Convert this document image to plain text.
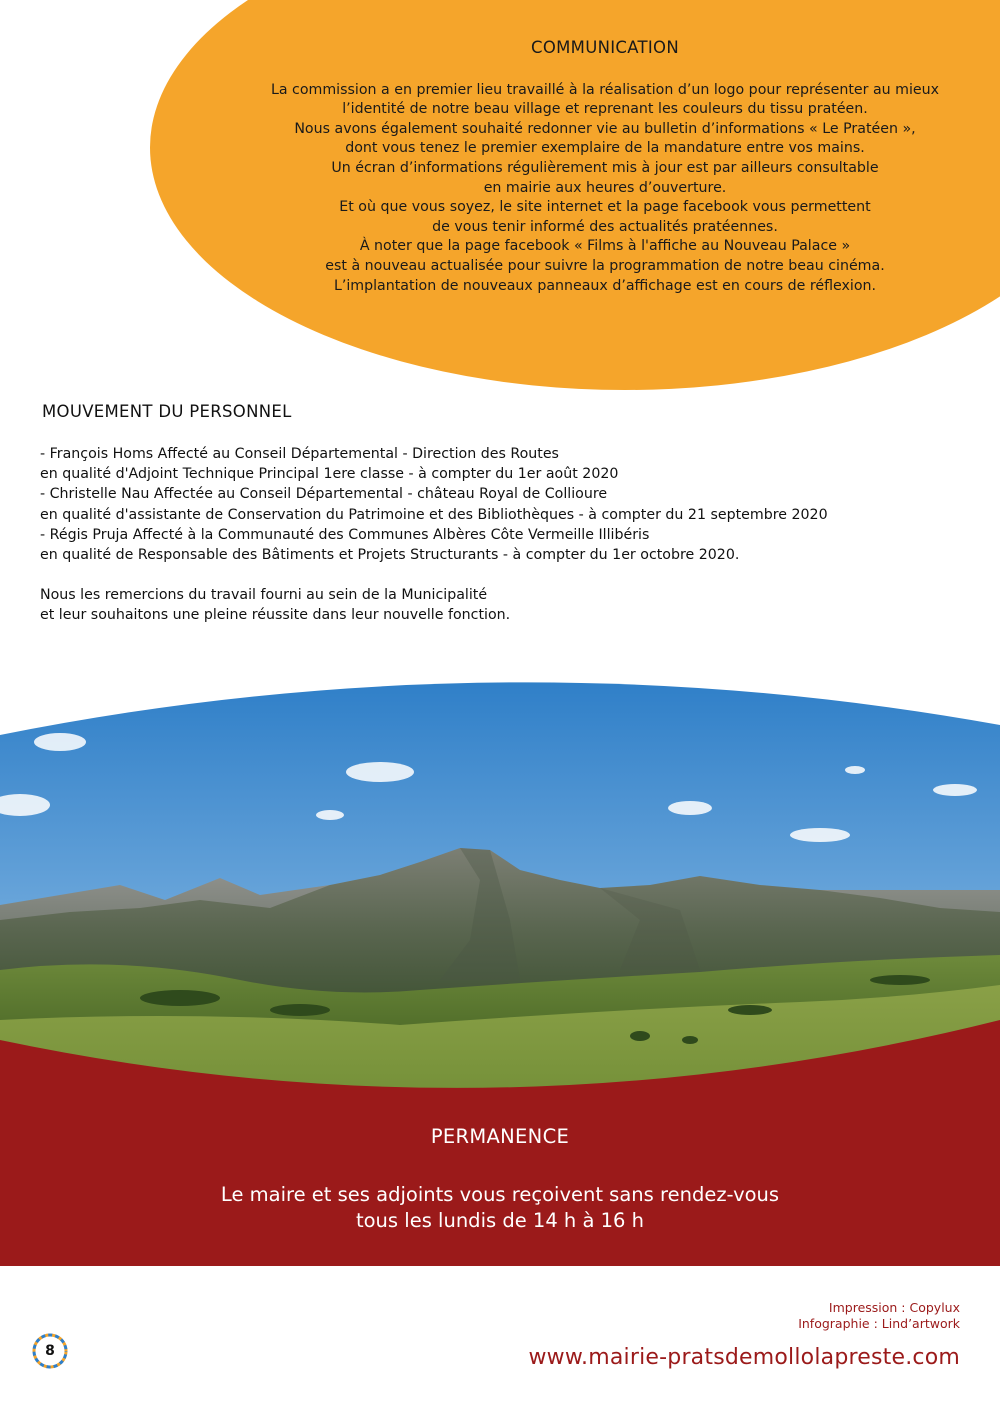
COMMUNICATION
La commission a en premier lieu travaillé à la réalisation d’un logo pour représenter au mieux
l’identité de notre beau village et reprenant les couleurs du tissu pratéen.
Nous avons également souhaité redonner vie au bulletin d’informations « Le Pratéen »,
dont vous tenez le premier exemplaire de la mandature entre vos mains.
Un écran d’informations régulièrement mis à jour est par ailleurs consultable
en mairie aux heures d’ouverture.
Et où que vous soyez, le site internet et la page facebook vous permettent
de vous tenir informé des actualités pratéennes.
À noter que la page facebook « Films à l'affiche au Nouveau Palace »
est à nouveau actualisée pour suivre la programmation de notre beau cinéma.
L’implantation de nouveaux panneaux d’affichage est en cours de réflexion.
MOUVEMENT DU PERSONNEL
- François Homs Affecté au Conseil Départemental - Direction des Routes
en qualité d'Adjoint Technique Principal 1ere classe - à compter du 1er août 2020
- Christelle Nau Affectée au Conseil Départemental - château Royal de Collioure
en qualité d'assistante de Conservation du Patrimoine et des Bibliothèques - à compter du 21 septembre 2020
- Régis Pruja Affecté à la Communauté des Communes Albères Côte Vermeille Illibéris
en qualité de Responsable des Bâtiments et Projets Structurants - à compter du 1er octobre 2020.
Nous les remercions du travail fourni au sein de la Municipalité
et leur souhaitons une pleine réussite dans leur nouvelle fonction.
PERMANENCE
Le maire et ses adjoints vous reçoivent sans rendez-vous
tous les lundis de 14 h à 16 h
Impression : Copylux
Infographie : Lind’artwork
www.mairie-pratsdemollolapreste.com
8
